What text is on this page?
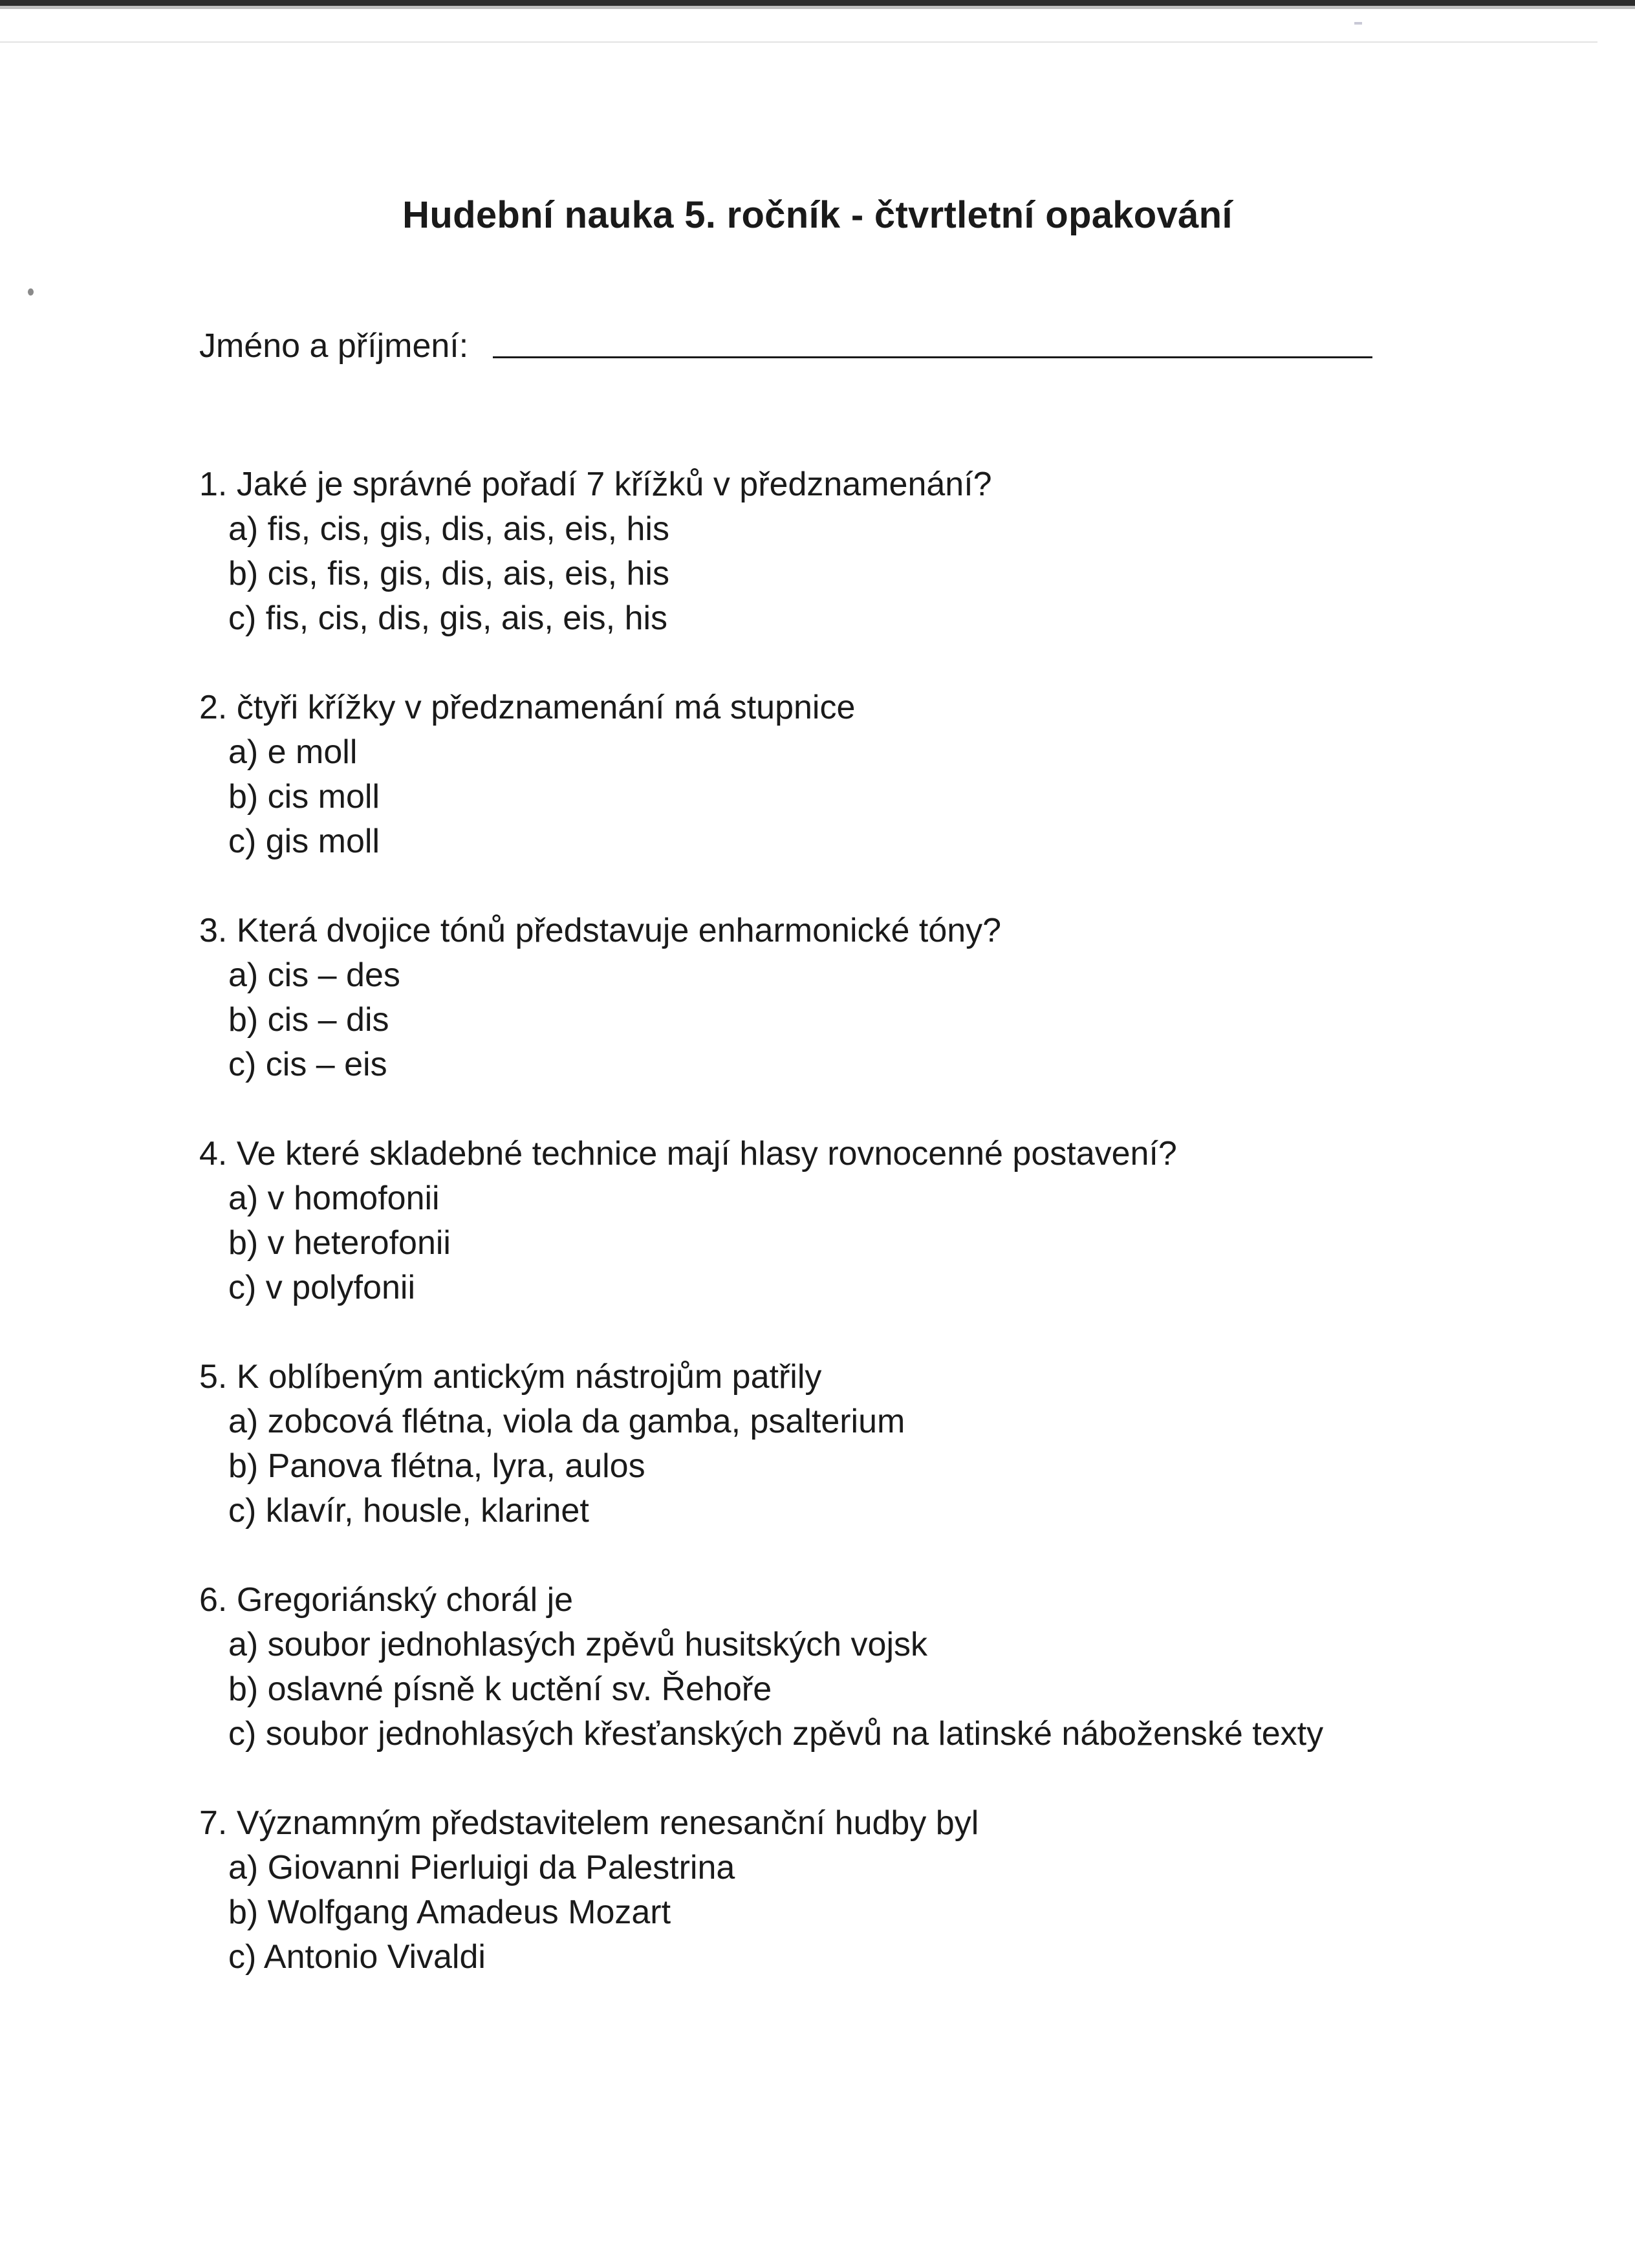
Hudební nauka 5. ročník - čtvrtletní opakování
Jméno a příjmení:
1. Jaké je správné pořadí 7 křížků v předznamenání?
a) fis, cis, gis, dis, ais, eis, his
b) cis, fis, gis, dis, ais, eis, his
c) fis, cis, dis, gis, ais, eis, his
2. čtyři křížky v předznamenání má stupnice
a) e moll
b) cis moll
c) gis moll
3. Která dvojice tónů představuje enharmonické tóny?
a) cis – des
b) cis – dis
c) cis – eis
4. Ve které skladebné technice mají hlasy rovnocenné postavení?
a) v homofonii
b) v heterofonii
c) v polyfonii
5. K oblíbeným antickým nástrojům patřily
a) zobcová flétna, viola da gamba, psalterium
b) Panova flétna, lyra, aulos
c) klavír, housle, klarinet
6. Gregoriánský chorál je
a) soubor jednohlasých zpěvů husitských vojsk
b) oslavné písně k uctění sv. Řehoře
c) soubor jednohlasých křesťanských zpěvů na latinské náboženské texty
7. Významným představitelem renesanční hudby byl
a) Giovanni Pierluigi da Palestrina
b) Wolfgang Amadeus Mozart
c) Antonio Vivaldi
